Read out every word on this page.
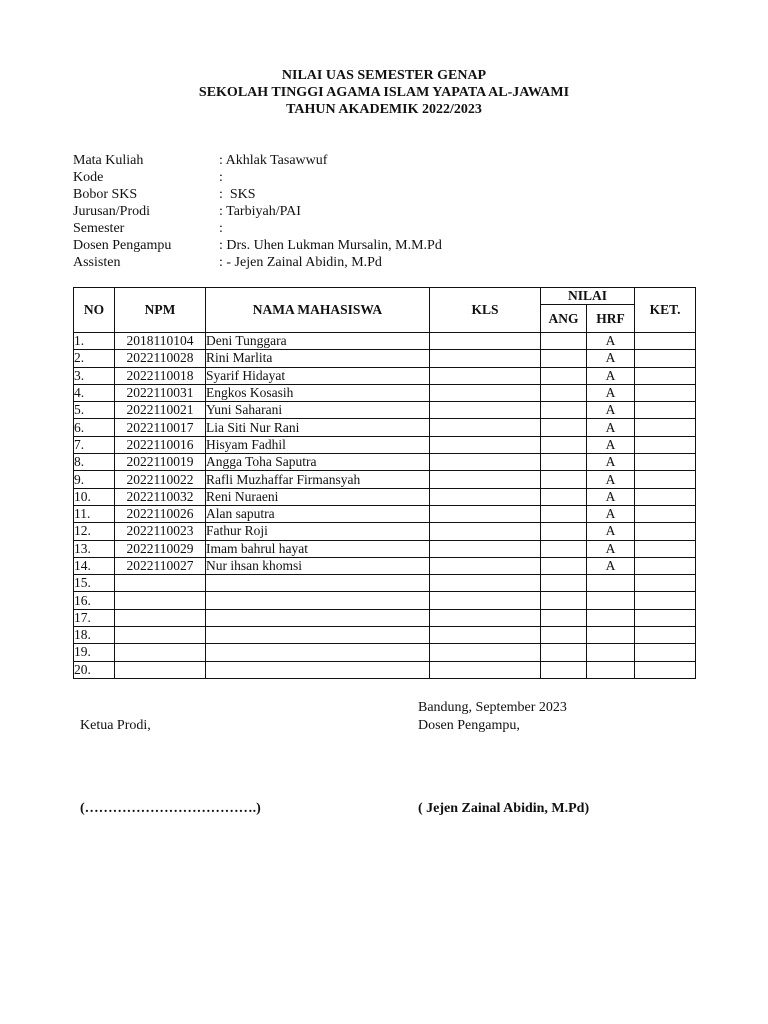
NILAI UAS SEMESTER GENAP
SEKOLAH TINGGI AGAMA ISLAM YAPATA AL-JAWAMI
TAHUN AKADEMIK 2022/2023
Mata Kuliah	: Akhlak Tasawwuf
Kode	:
Bobor SKS	:  SKS
Jurusan/Prodi	: Tarbiyah/PAI
Semester	:
Dosen Pengampu	: Drs. Uhen Lukman Mursalin, M.M.Pd
Assisten	: - Jejen Zainal Abidin, M.Pd
NO	NPM	NAMA MAHASISWA	KLS	NILAI		KET.
				ANG	HRF	
1.	2018110104	Deni Tunggara			A	
2.	2022110028	Rini Marlita			A	
3.	2022110018	Syarif Hidayat			A	
4.	2022110031	Engkos Kosasih			A	
5.	2022110021	Yuni Saharani			A	
6.	2022110017	Lia Siti Nur Rani			A	
7.	2022110016	Hisyam Fadhil			A	
8.	2022110019	Angga Toha Saputra			A	
9.	2022110022	Rafli Muzhaffar Firmansyah			A	
10.	2022110032	Reni Nuraeni			A	
11.	2022110026	Alan saputra			A	
12.	2022110023	Fathur Roji			A	
13.	2022110029	Imam bahrul hayat			A	
14.	2022110027	Nur ihsan khomsi			A	
15.						
16.						
17.						
18.						
19.						
20.						
Bandung, September 2023
Ketua Prodi,	Dosen Pengampu,
(……………………………….)	( Jejen Zainal Abidin, M.Pd)
